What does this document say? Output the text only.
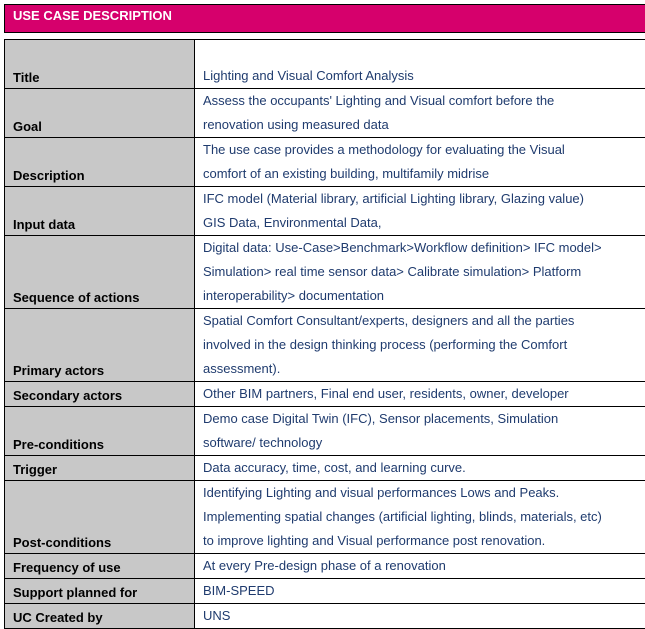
USE CASE DESCRIPTION	

Title	Lighting and Visual Comfort Analysis

Goal	Assess the occupants' Lighting and Visual comfort before the
renovation using measured data

Description	The use case provides a methodology for evaluating the Visual
comfort of an existing building, multifamily midrise

Input data	IFC model (Material library, artificial Lighting library, Glazing value)
GIS Data, Environmental Data,

Sequence of actions	Digital data: Use-Case>Benchmark>Workflow definition> IFC model>
Simulation> real time sensor data> Calibrate simulation> Platform
interoperability> documentation

Primary actors	Spatial Comfort Consultant/experts, designers and all the parties
involved in the design thinking process (performing the Comfort
assessment).

Secondary actors	Other BIM partners, Final end user, residents, owner, developer

Pre-conditions	Demo case Digital Twin (IFC), Sensor placements, Simulation
software/ technology

Trigger	Data accuracy, time, cost, and learning curve.

Post-conditions	Identifying Lighting and visual performances Lows and Peaks.
Implementing spatial changes (artificial lighting, blinds, materials, etc)
to improve lighting and Visual performance post renovation.

Frequency of use	At every Pre-design phase of a renovation

Support planned for	BIM-SPEED

UC Created by	UNS
